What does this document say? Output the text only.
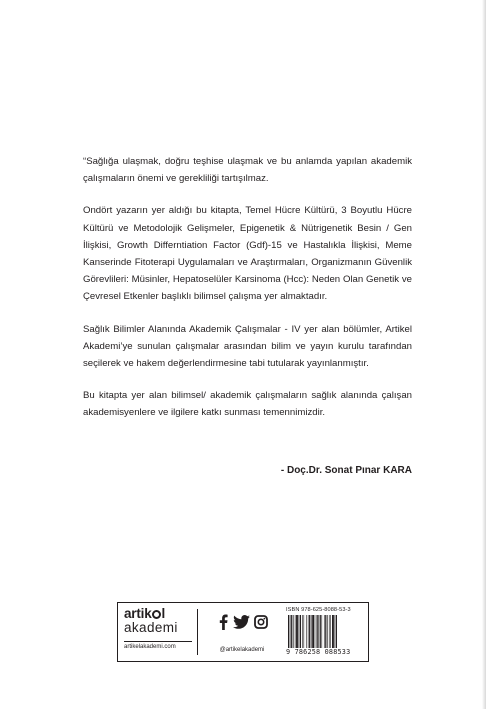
“Sağlığa ulaşmak, doğru teşhise ulaşmak ve bu anlamda yapılan akademik çalışmaların önemi ve gerekliliği tartışılmaz.

Ondört yazarın yer aldığı bu kitapta, Temel Hücre Kültürü, 3 Boyutlu Hücre Kültürü ve Metodolojik Gelişmeler, Epigenetik & Nütrigenetik Besin / Gen İlişkisi, Growth Differntiation Factor (Gdf)-15 ve Hastalıkla İlişkisi, Meme Kanserinde Fitoterapi Uygulamaları ve Araştırmaları, Organizmanın Güvenlik Görevlileri: Müsinler, Hepatoselüler Karsinoma (Hcc): Neden Olan Genetik ve Çevresel Etkenler başlıklı bilimsel çalışma yer almaktadır.

Sağlık Bilimler Alanında Akademik Çalışmalar - IV yer alan bölümler, Artikel Akademi’ye sunulan çalışmalar arasından bilim ve yayın kurulu tarafından seçilerek ve hakem değerlendirmesine tabi tutularak yayınlanmıştır.

Bu kitapta yer alan bilimsel/ akademik çalışmaların sağlık alanında çalışan akademisyenlere ve ilgilere katkı sunması temennimizdir.

- Doç.Dr. Sonat Pınar KARA
artik l
akademi
artikelakademi.com	@artikelakademi
ISBN 978-625-8088-53-3
9 786258 088533
